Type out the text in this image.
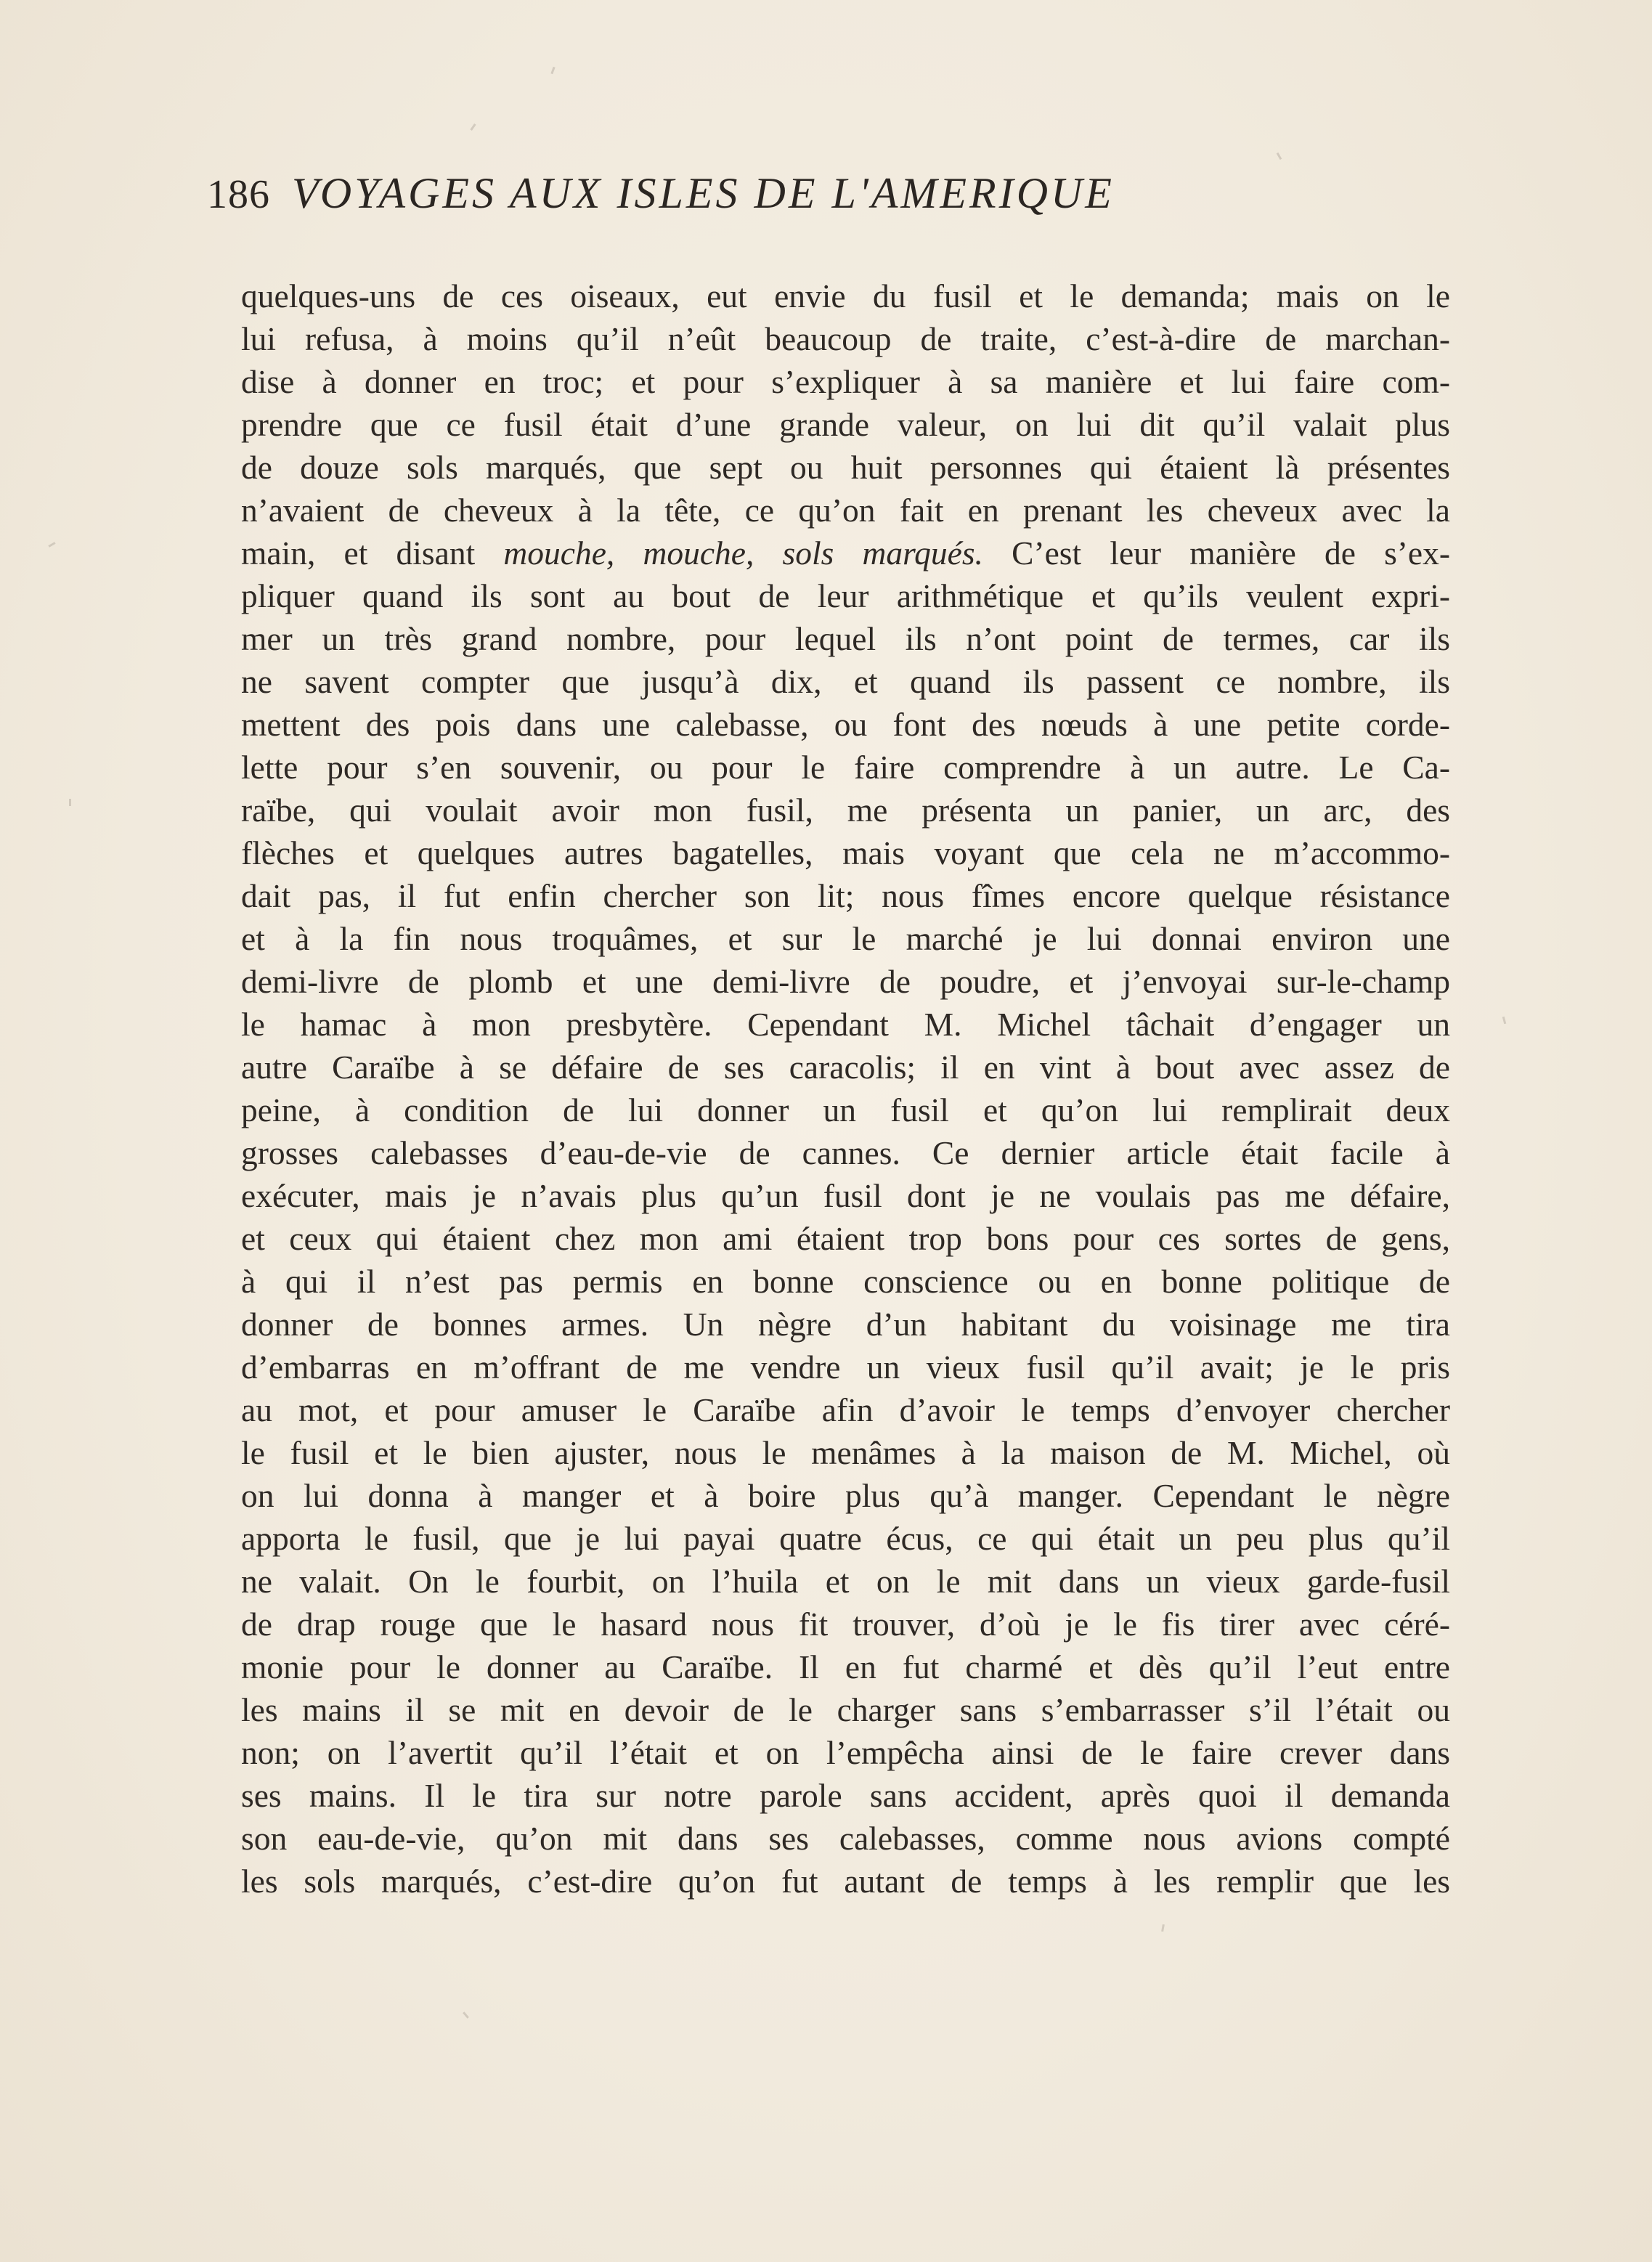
186 VOYAGES AUX ISLES DE L'AMERIQUE
quelques-uns de ces oiseaux, eut envie du fusil et le demanda; mais on le
lui refusa, à moins qu’il n’eût beaucoup de traite, c’est-à-dire de marchan-
dise à donner en troc; et pour s’expliquer à sa manière et lui faire com-
prendre que ce fusil était d’une grande valeur, on lui dit qu’il valait plus
de douze sols marqués, que sept ou huit personnes qui étaient là présentes
n’avaient de cheveux à la tête, ce qu’on fait en prenant les cheveux avec la
main, et disant mouche, mouche, sols marqués. C’est leur manière de s’ex-
pliquer quand ils sont au bout de leur arithmétique et qu’ils veulent expri-
mer un très grand nombre, pour lequel ils n’ont point de termes, car ils
ne savent compter que jusqu’à dix, et quand ils passent ce nombre, ils
mettent des pois dans une calebasse, ou font des nœuds à une petite corde-
lette pour s’en souvenir, ou pour le faire comprendre à un autre. Le Ca-
raïbe, qui voulait avoir mon fusil, me présenta un panier, un arc, des
flèches et quelques autres bagatelles, mais voyant que cela ne m’accommo-
dait pas, il fut enfin chercher son lit; nous fîmes encore quelque résistance
et à la fin nous troquâmes, et sur le marché je lui donnai environ une
demi-livre de plomb et une demi-livre de poudre, et j’envoyai sur-le-champ
le hamac à mon presbytère. Cependant M. Michel tâchait d’engager un
autre Caraïbe à se défaire de ses caracolis; il en vint à bout avec assez de
peine, à condition de lui donner un fusil et qu’on lui remplirait deux
grosses calebasses d’eau-de-vie de cannes. Ce dernier article était facile à
exécuter, mais je n’avais plus qu’un fusil dont je ne voulais pas me défaire,
et ceux qui étaient chez mon ami étaient trop bons pour ces sortes de gens,
à qui il n’est pas permis en bonne conscience ou en bonne politique de
donner de bonnes armes. Un nègre d’un habitant du voisinage me tira
d’embarras en m’offrant de me vendre un vieux fusil qu’il avait; je le pris
au mot, et pour amuser le Caraïbe afin d’avoir le temps d’envoyer chercher
le fusil et le bien ajuster, nous le menâmes à la maison de M. Michel, où
on lui donna à manger et à boire plus qu’à manger. Cependant le nègre
apporta le fusil, que je lui payai quatre écus, ce qui était un peu plus qu’il
ne valait. On le fourbit, on l’huila et on le mit dans un vieux garde-fusil
de drap rouge que le hasard nous fit trouver, d’où je le fis tirer avec céré-
monie pour le donner au Caraïbe. Il en fut charmé et dès qu’il l’eut entre
les mains il se mit en devoir de le charger sans s’embarrasser s’il l’était ou
non; on l’avertit qu’il l’était et on l’empêcha ainsi de le faire crever dans
ses mains. Il le tira sur notre parole sans accident, après quoi il demanda
son eau-de-vie, qu’on mit dans ses calebasses, comme nous avions compté
les sols marqués, c’est-dire qu’on fut autant de temps à les remplir que les
